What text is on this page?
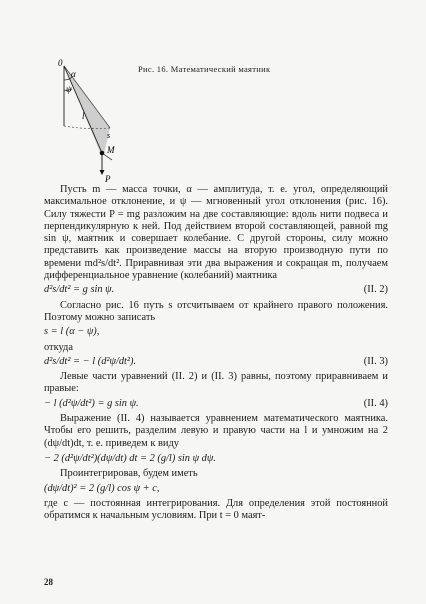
0
α
ψ
l
s
M
P
Рис. 16. Математический маятник

Пусть m — масса точки, α — амплитуда, т. е. угол, определяющий максимальное отклонение, и ψ — мгновенный угол отклонения (рис. 16). Силу тяжести P = mg разложим на две составляющие: вдоль нити подвеса и перпендикулярную к ней. Под действием второй составляющей, равной mg sin ψ, маятник и совершает колебание. С другой стороны, силу можно представить как произведение массы на вторую производную пути по времени md²s/dt². Приравнивая эти два выражения и сокращая m, получаем дифференциальное уравнение (колебаний) маятника

d²s/dt² = g sin ψ.	(II. 2)

Согласно рис. 16 путь s отсчитываем от крайнего правого положения. Поэтому можно записать

s = l (α − ψ),

откуда

d²s/dt² = − l (d²ψ/dt²).	(II. 3)

Левые части уравнений (II. 2) и (II. 3) равны, поэтому приравниваем и правые:

− l (d²ψ/dt²) = g sin ψ.	(II. 4)

Выражение (II. 4) называется уравнением математического маятника. Чтобы его решить, разделим левую и правую части на l и умножим на 2 (dψ/dt)dt, т. е. приведем к виду

− 2 (d²ψ/dt²)(dψ/dt) dt = 2 (g/l) sin ψ dψ.

Проинтегрировав, будем иметь

(dψ/dt)² = 2 (g/l) cos ψ + c,

где c — постоянная интегрирования. Для определения этой постоянной обратимся к начальным условиям. При t = 0 маят-

28
